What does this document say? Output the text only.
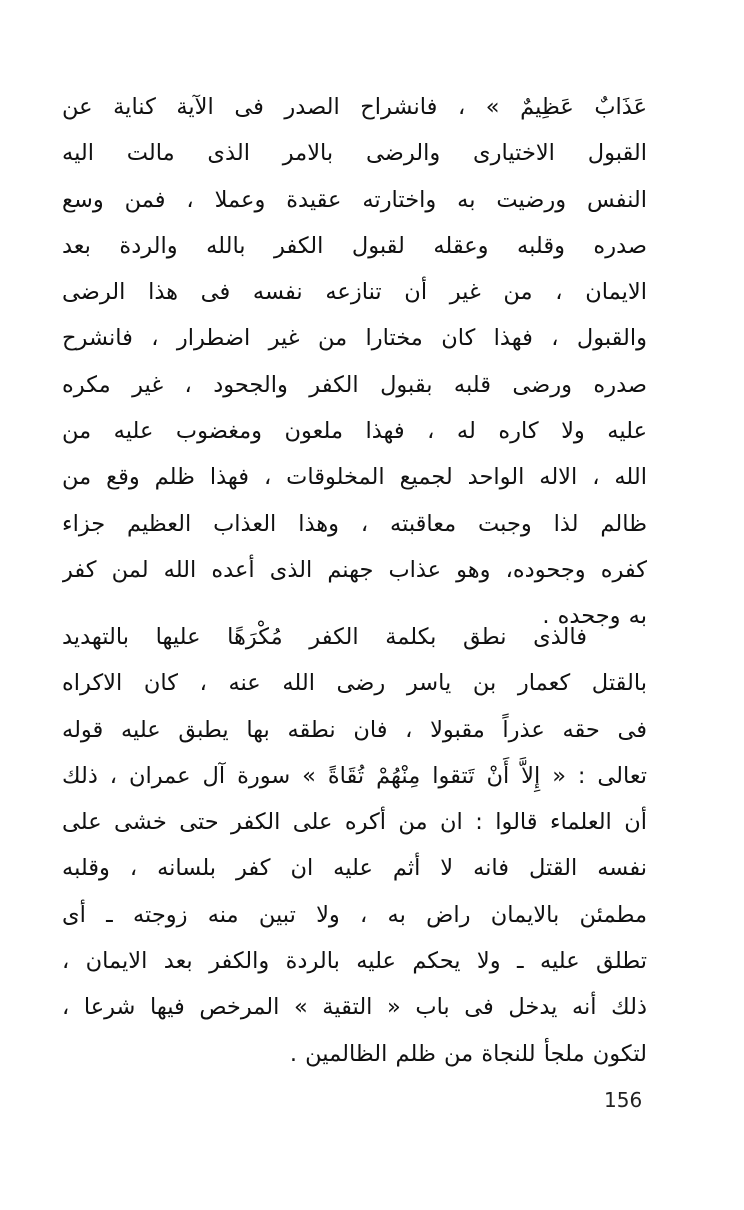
عَذَابٌ عَظِيمٌ » ، فانشراح الصدر فى الآية كناية عن
القبول الاختيارى والرضى بالامر الذى مالت اليه
النفس ورضيت به واختارته عقيدة وعملا ، فمن وسع
صدره وقلبه وعقله لقبول الكفر بالله والردة بعد
الايمان ، من غير أن تنازعه نفسه فى هذا الرضى
والقبول ، فهذا كان مختارا من غير اضطرار ، فانشرح
صدره ورضى قلبه بقبول الكفر والجحود ، غير مكره
عليه ولا كاره له ، فهذا ملعون ومغضوب عليه من
الله ، الاله الواحد لجميع المخلوقات ، فهذا ظلم وقع من
ظالم لذا وجبت معاقبته ، وهذا العذاب العظيم جزاء
كفره وجحوده، وهو عذاب جهنم الذى أعده الله لمن كفر
به وجحده .
فالذى نطق بكلمة الكفر مُكْرَهًا عليها بالتهديد
بالقتل كعمار بن ياسر رضى الله عنه ، كان الاكراه
فى حقه عذراً مقبولا ، فان نطقه بها يطبق عليه قوله
تعالى : « إِلاَّ أَنْ تَتقوا مِنْهُمْ تُقَاةً » سورة آل عمران ، ذلك
أن العلماء قالوا : ان من أكره على الكفر حتى خشى على
نفسه القتل فانه لا أثم عليه ان كفر بلسانه ، وقلبه
مطمئن بالايمان راض به ، ولا تبين منه زوجته ـ أى
تطلق عليه ـ ولا يحكم عليه بالردة والكفر بعد الايمان ،
ذلك أنه يدخل فى باب « التقية » المرخص فيها شرعا ،
لتكون ملجأ للنجاة من ظلم الظالمين .
156
